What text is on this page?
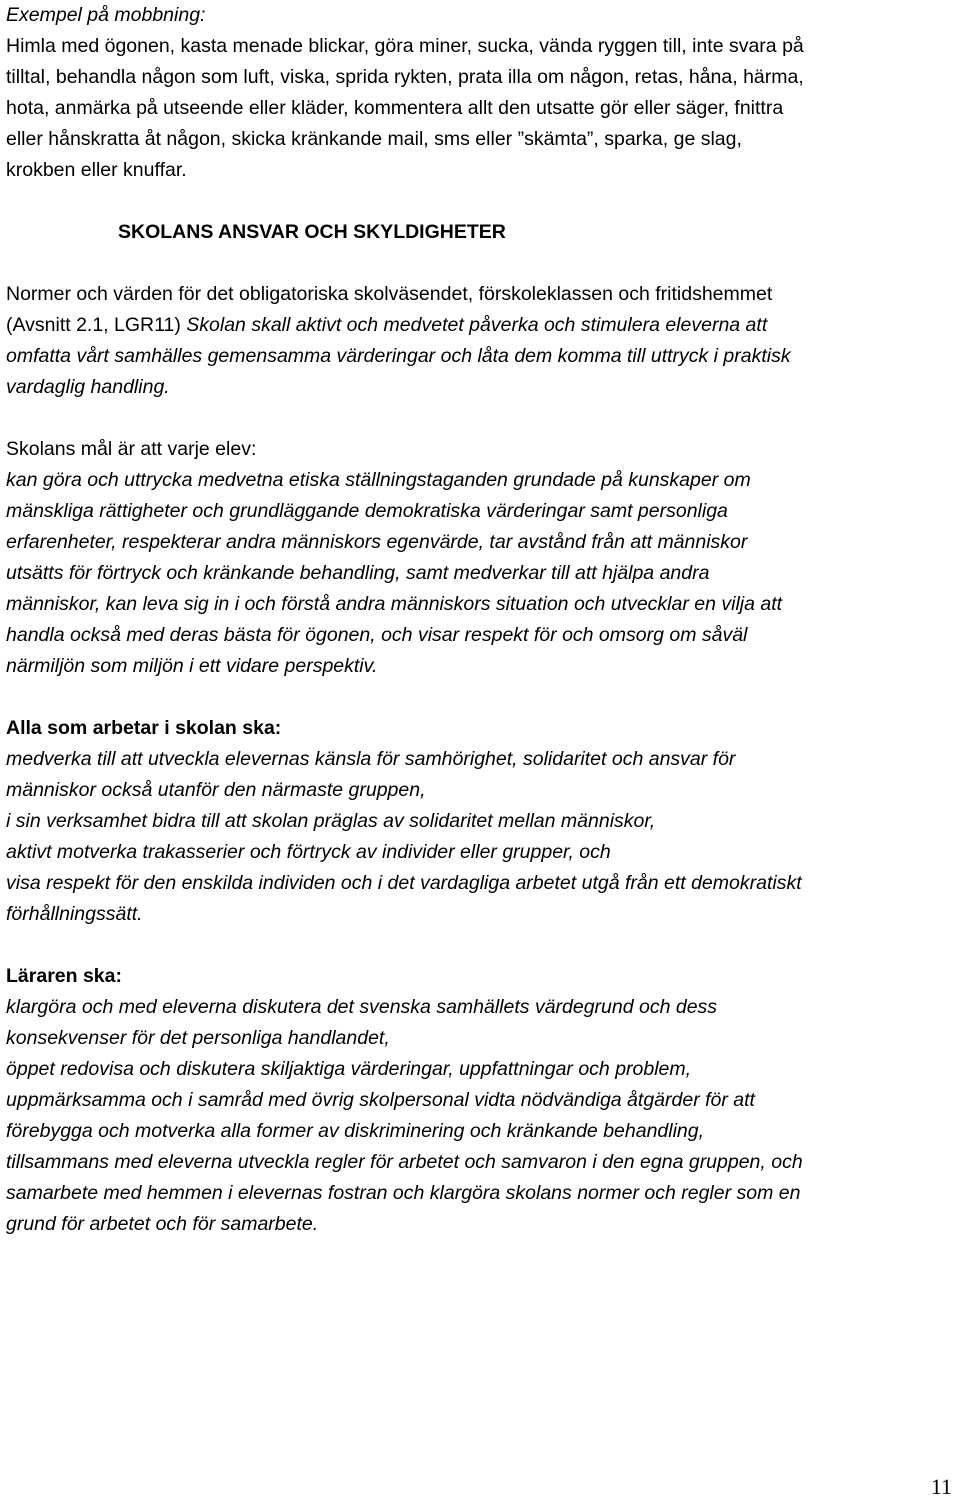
Exempel på mobbning:
Himla med ögonen, kasta menade blickar, göra miner, sucka, vända ryggen till, inte svara på
tilltal, behandla någon som luft, viska, sprida rykten, prata illa om någon, retas, håna, härma,
hota, anmärka på utseende eller kläder, kommentera allt den utsatte gör eller säger, fnittra
eller hånskratta åt någon, skicka kränkande mail, sms eller ”skämta”, sparka, ge slag,
krokben eller knuffar.
SKOLANS ANSVAR OCH SKYLDIGHETER
Normer och värden för det obligatoriska skolväsendet, förskoleklassen och fritidshemmet
(Avsnitt 2.1, LGR11) Skolan skall aktivt och medvetet påverka och stimulera eleverna att
omfatta vårt samhälles gemensamma värderingar och låta dem komma till uttryck i praktisk
vardaglig handling.
Skolans mål är att varje elev:
kan göra och uttrycka medvetna etiska ställningstaganden grundade på kunskaper om
mänskliga rättigheter och grundläggande demokratiska värderingar samt personliga
erfarenheter, respekterar andra människors egenvärde, tar avstånd från att människor
utsätts för förtryck och kränkande behandling, samt medverkar till att hjälpa andra
människor, kan leva sig in i och förstå andra människors situation och utvecklar en vilja att
handla också med deras bästa för ögonen, och visar respekt för och omsorg om såväl
närmiljön som miljön i ett vidare perspektiv.
Alla som arbetar i skolan ska:
medverka till att utveckla elevernas känsla för samhörighet, solidaritet och ansvar för
människor också utanför den närmaste gruppen,
i sin verksamhet bidra till att skolan präglas av solidaritet mellan människor,
aktivt motverka trakasserier och förtryck av individer eller grupper, och
visa respekt för den enskilda individen och i det vardagliga arbetet utgå från ett demokratiskt
förhållningssätt.
Läraren ska:
klargöra och med eleverna diskutera det svenska samhällets värdegrund och dess
konsekvenser för det personliga handlandet,
öppet redovisa och diskutera skiljaktiga värderingar, uppfattningar och problem,
uppmärksamma och i samråd med övrig skolpersonal vidta nödvändiga åtgärder för att
förebygga och motverka alla former av diskriminering och kränkande behandling,
tillsammans med eleverna utveckla regler för arbetet och samvaron i den egna gruppen, och
samarbete med hemmen i elevernas fostran och klargöra skolans normer och regler som en
grund för arbetet och för samarbete.
11
